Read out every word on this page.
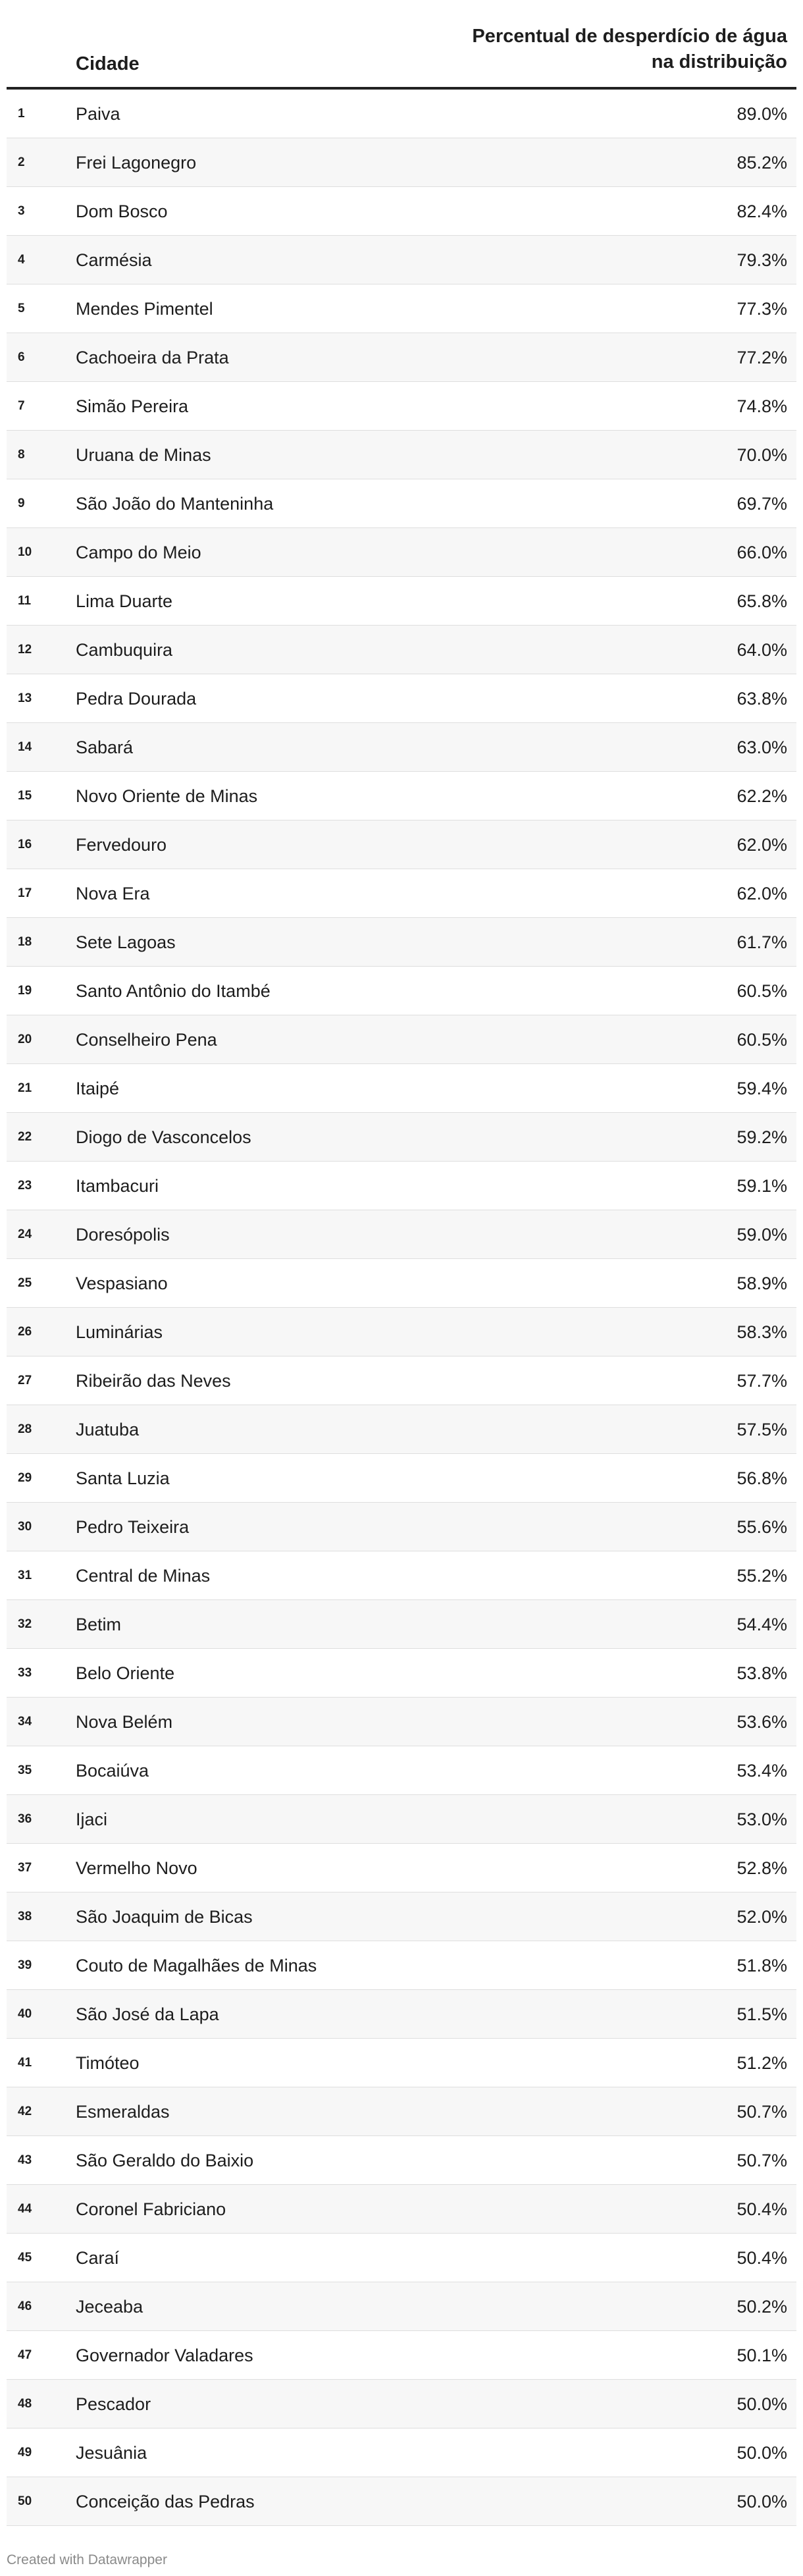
Cidade
Percentual de desperdício de água
na distribuição
1	Paiva	89.0%
2	Frei Lagonegro	85.2%
3	Dom Bosco	82.4%
4	Carmésia	79.3%
5	Mendes Pimentel	77.3%
6	Cachoeira da Prata	77.2%
7	Simão Pereira	74.8%
8	Uruana de Minas	70.0%
9	São João do Manteninha	69.7%
10 Campo do Meio	66.0%
11	Lima Duarte	65.8%
12 Cambuquira	64.0%
13 Pedra Dourada	63.8%
14 Sabará	63.0%
15 Novo Oriente de Minas	62.2%
16 Fervedouro	62.0%
17 Nova Era	62.0%
18 Sete Lagoas	61.7%
19 Santo Antônio do Itambé	60.5%
20 Conselheiro Pena	60.5%
21 Itaipé	59.4%
22 Diogo de Vasconcelos	59.2%
23 Itambacuri	59.1%
24 Doresópolis	59.0%
25 Vespasiano	58.9%
26 Luminárias	58.3%
27 Ribeirão das Neves	57.7%
28 Juatuba	57.5%
29 Santa Luzia	56.8%
30 Pedro Teixeira	55.6%
31 Central de Minas	55.2%
32 Betim	54.4%
33 Belo Oriente	53.8%
34 Nova Belém	53.6%
35 Bocaiúva	53.4%
36 Ijaci	53.0%
37 Vermelho Novo	52.8%
38 São Joaquim de Bicas	52.0%
39 Couto de Magalhães de Minas	51.8%
40 São José da Lapa	51.5%
41 Timóteo	51.2%
42 Esmeraldas	50.7%
43 São Geraldo do Baixio	50.7%
44 Coronel Fabriciano	50.4%
45 Caraí	50.4%
46 Jeceaba	50.2%
47 Governador Valadares	50.1%
48 Pescador	50.0%
49 Jesuânia	50.0%
50 Conceição das Pedras	50.0%
Created with Datawrapper
